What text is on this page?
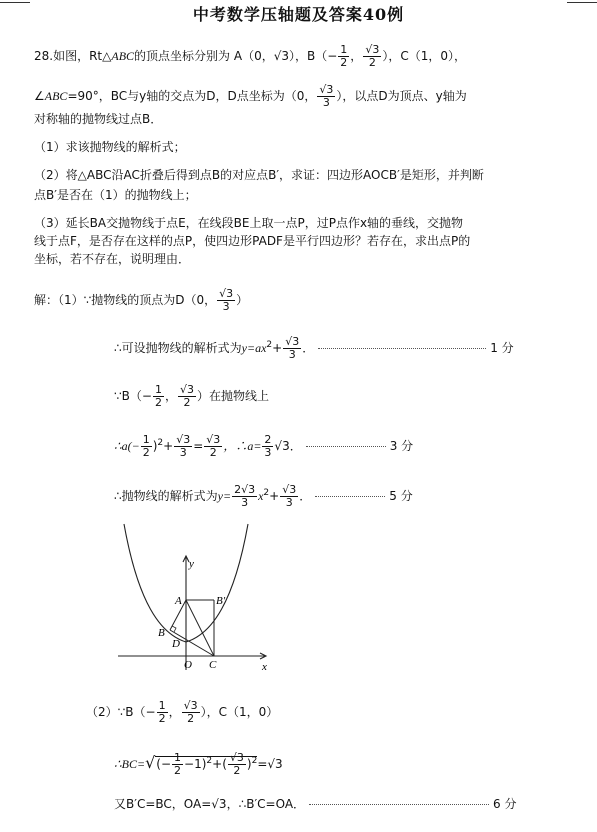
中考数学压轴题及答案40例
28.如图，Rt△ABC的顶点坐标分别为 A（0，√3），$B(- \frac{1}{2}$ ， $\frac{√3}{2}$ ），C（1，0），
∠ABC=90°，BC与y轴的交点为D，D点坐标为（0， $\frac{√3}{3}$ ），以点D为顶点、y轴为
对称轴的抛物线过点B．
（1）求该抛物线的解析式；
（2）将△ABC沿AC折叠后得到点B的对应点B′，求证：四边形AOCB′是矩形，并判断
点B′是否在（1）的抛物线上；
（3）延长BA交抛物线于点E，在线段BE上取一点P，过P点作x轴的垂线，交抛物
线于点F，是否存在这样的点P，使四边形PADF是平行四边形？若存在，求出点P的
坐标，若不存在，说明理由．
解：（1）∵抛物线的顶点为D（0， $\frac{√3}{3}$ ）
∴可设抛物线的解析式为$y=ax^2+ \frac{√3}{3}$ ．	1 分
∵B（− $\frac{1}{2}$ ， $\frac{√3}{2}$ ）在抛物线上
∴a(− $\frac{1}{2} )^2+ \frac{√3}{3} = \frac{√3}{2}$ ，∴a= $\frac{2}{3} √3$．	3 分
∴抛物线的解析式为$y= \frac{2√3}{3} x^2+ \frac{√3}{3}$ ．	5 分
y
x
A	B′
B
D
O C
（2）∵B（− $\frac{1}{2}$ ， $\frac{√3}{2}$ ），C（1，0）
∴BC=√(− $\frac{1}{2} -1)^2+( \frac{√3}{2} )^2=√3$
又B′C=BC，OA=√3，∴B′C=OA．	6 分
